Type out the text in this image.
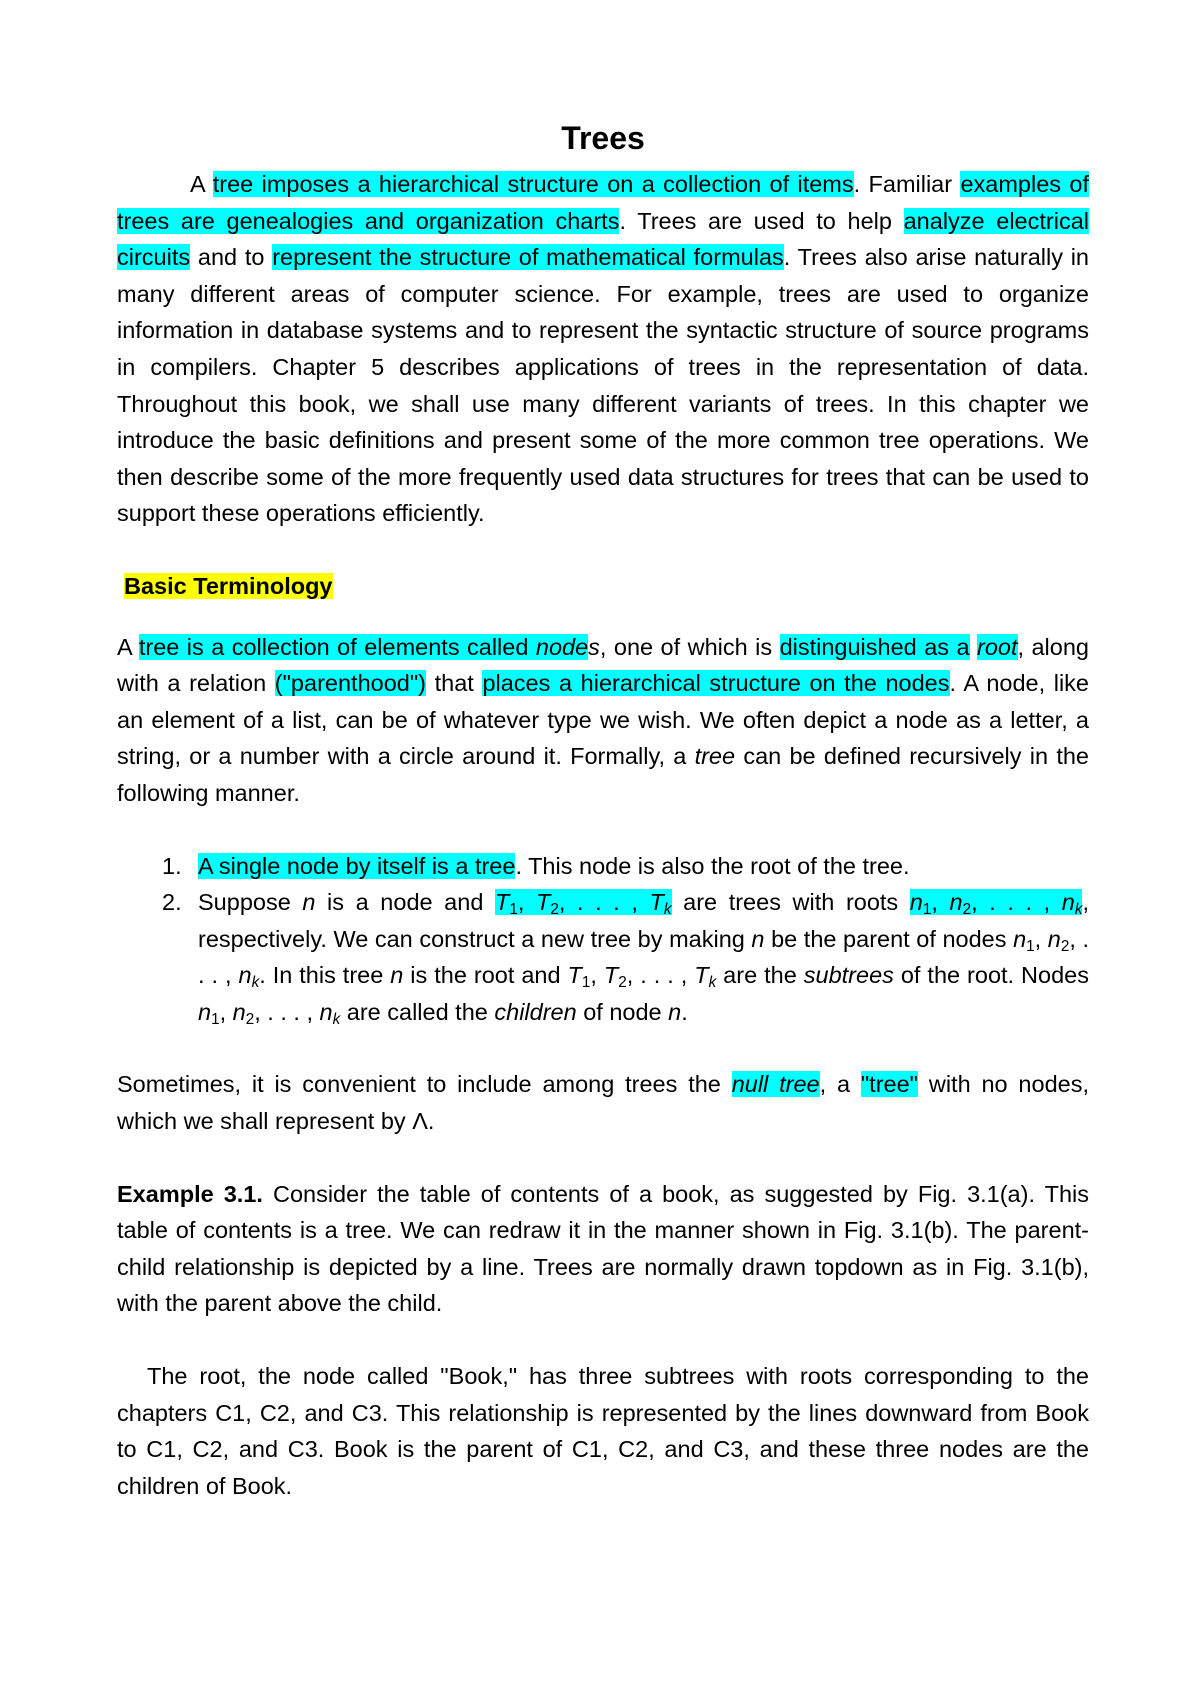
Trees

A tree imposes a hierarchical structure on a collection of items. Familiar examples of trees are genealogies and organization charts. Trees are used to help analyze electrical circuits and to represent the structure of mathematical formulas. Trees also arise naturally in many different areas of computer science. For example, trees are used to organize information in database systems and to represent the syntactic structure of source programs in compilers. Chapter 5 describes applications of trees in the representation of data. Throughout this book, we shall use many different variants of trees. In this chapter we introduce the basic definitions and present some of the more common tree operations. We then describe some of the more frequently used data structures for trees that can be used to support these operations efficiently.

Basic Terminology

A tree is a collection of elements called nodes, one of which is distinguished as a root, along with a relation ("parenthood") that places a hierarchical structure on the nodes. A node, like an element of a list, can be of whatever type we wish. We often depict a node as a letter, a string, or a number with a circle around it. Formally, a tree can be defined recursively in the following manner.

1. A single node by itself is a tree. This node is also the root of the tree.
2. Suppose n is a node and $T_1$, $T_2$, . . . , $T_k$ are trees with roots $n_1$, $n_2$, . . . , $n_k$, respectively. We can construct a new tree by making n be the parent of nodes $n_1$, $n_2$, . . . , $n_k$. In this tree n is the root and $T_1$, $T_2$, . . . , $T_k$ are the subtrees of the root. Nodes $n_1$, $n_2$, . . . , $n_k$ are called the children of node n.

Sometimes, it is convenient to include among trees the null tree, a "tree" with no nodes, which we shall represent by Λ.

Example 3.1. Consider the table of contents of a book, as suggested by Fig. 3.1(a). This table of contents is a tree. We can redraw it in the manner shown in Fig. 3.1(b). The parent-child relationship is depicted by a line. Trees are normally drawn topdown as in Fig. 3.1(b), with the parent above the child.

The root, the node called "Book," has three subtrees with roots corresponding to the chapters C1, C2, and C3. This relationship is represented by the lines downward from Book to C1, C2, and C3. Book is the parent of C1, C2, and C3, and these three nodes are the children of Book.
